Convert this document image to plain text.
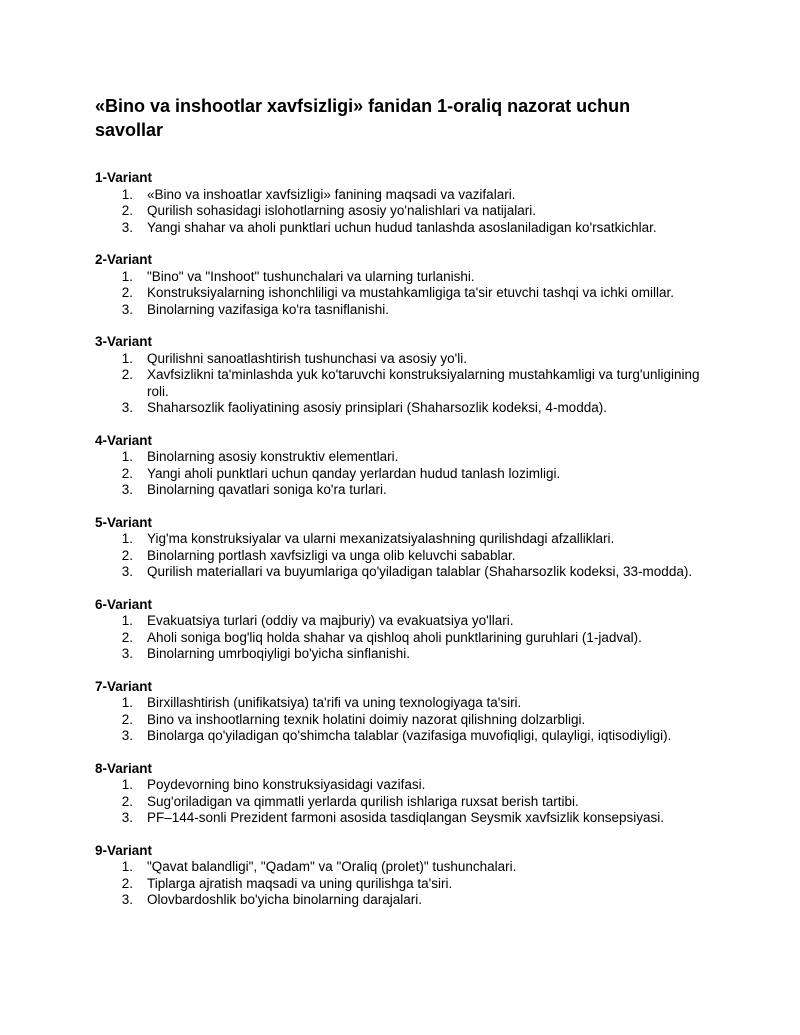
«Bino va inshootlar xavfsizligi» fanidan 1-oraliq nazorat uchun savollar
1-Variant
1. «Bino va inshoatlar xavfsizligi» fanining maqsadi va vazifalari.
2. Qurilish sohasidagi islohotlarning asosiy yo'nalishlari va natijalari.
3. Yangi shahar va aholi punktlari uchun hudud tanlashda asoslaniladigan ko'rsatkichlar.
2-Variant
1. "Bino" va "Inshoot" tushunchalari va ularning turlanishi.
2. Konstruksiyalarning ishonchliligi va mustahkamligiga ta'sir etuvchi tashqi va ichki omillar.
3. Binolarning vazifasiga ko'ra tasniflanishi.
3-Variant
1. Qurilishni sanoatlashtirish tushunchasi va asosiy yo'li.
2. Xavfsizlikni ta'minlashda yuk ko'taruvchi konstruksiyalarning mustahkamligi va turg'unligining roli.
3. Shaharsozlik faoliyatining asosiy prinsiplari (Shaharsozlik kodeksi, 4-modda).
4-Variant
1. Binolarning asosiy konstruktiv elementlari.
2. Yangi aholi punktlari uchun qanday yerlardan hudud tanlash lozimligi.
3. Binolarning qavatlari soniga ko'ra turlari.
5-Variant
1. Yig'ma konstruksiyalar va ularni mexanizatsiyalashning qurilishdagi afzalliklari.
2. Binolarning portlash xavfsizligi va unga olib keluvchi sabablar.
3. Qurilish materiallari va buyumlariga qo'yiladigan talablar (Shaharsozlik kodeksi, 33-modda).
6-Variant
1. Evakuatsiya turlari (oddiy va majburiy) va evakuatsiya yo'llari.
2. Aholi soniga bog'liq holda shahar va qishloq aholi punktlarining guruhlari (1-jadval).
3. Binolarning umrboqiyligi bo'yicha sinflanishi.
7-Variant
1. Birxillashtirish (unifikatsiya) ta'rifi va uning texnologiyaga ta'siri.
2. Bino va inshootlarning texnik holatini doimiy nazorat qilishning dolzarbligi.
3. Binolarga qo'yiladigan qo'shimcha talablar (vazifasiga muvofiqligi, qulayligi, iqtisodiyligi).
8-Variant
1. Poydevorning bino konstruksiyasidagi vazifasi.
2. Sug'oriladigan va qimmatli yerlarda qurilish ishlariga ruxsat berish tartibi.
3. PF–144-sonli Prezident farmoni asosida tasdiqlangan Seysmik xavfsizlik konsepsiyasi.
9-Variant
1. "Qavat balandligi", "Qadam" va "Oraliq (prolet)" tushunchalari.
2. Tiplarga ajratish maqsadi va uning qurilishga ta'siri.
3. Olovbardoshlik bo'yicha binolarning darajalari.
